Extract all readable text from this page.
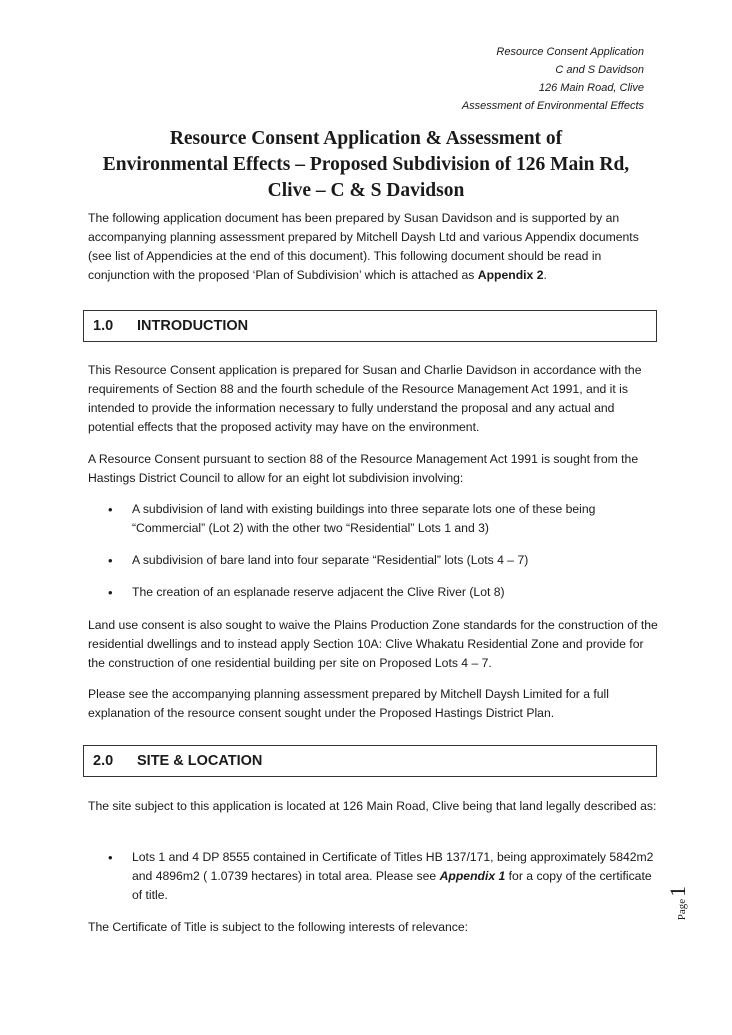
Resource Consent Application
C and S Davidson
126 Main Road, Clive
Assessment of Environmental Effects
Resource Consent Application & Assessment of
Environmental Effects – Proposed Subdivision of 126 Main Rd,
Clive – C & S Davidson

The following application document has been prepared by Susan Davidson and is supported by an accompanying planning assessment prepared by Mitchell Daysh Ltd and various Appendix documents (see list of Appendicies at the end of this document). This following document should be read in conjunction with the proposed ‘Plan of Subdivision’ which is attached as Appendix 2.

1.0	INTRODUCTION

This Resource Consent application is prepared for Susan and Charlie Davidson in accordance with the requirements of Section 88 and the fourth schedule of the Resource Management Act 1991, and it is intended to provide the information necessary to fully understand the proposal and any actual and potential effects that the proposed activity may have on the environment.

A Resource Consent pursuant to section 88 of the Resource Management Act 1991 is sought from the Hastings District Council to allow for an eight lot subdivision involving:

• A subdivision of land with existing buildings into three separate lots one of these being “Commercial” (Lot 2) with the other two “Residential” Lots 1 and 3)
• A subdivision of bare land into four separate “Residential” lots (Lots 4 – 7)
• The creation of an esplanade reserve adjacent the Clive River (Lot 8)

Land use consent is also sought to waive the Plains Production Zone standards for the construction of the residential dwellings and to instead apply Section 10A: Clive Whakatu Residential Zone and provide for the construction of one residential building per site on Proposed Lots 4 – 7.

Please see the accompanying planning assessment prepared by Mitchell Daysh Limited for a full explanation of the resource consent sought under the Proposed Hastings District Plan.

2.0	SITE & LOCATION

The site subject to this application is located at 126 Main Road, Clive being that land legally described as:

• Lots 1 and 4 DP 8555 contained in Certificate of Titles HB 137/171, being approximately 5842m2 and 4896m2 ( 1.0739 hectares) in total area. Please see Appendix 1 for a copy of the certificate of title.

The Certificate of Title is subject to the following interests of relevance:

Page
1
